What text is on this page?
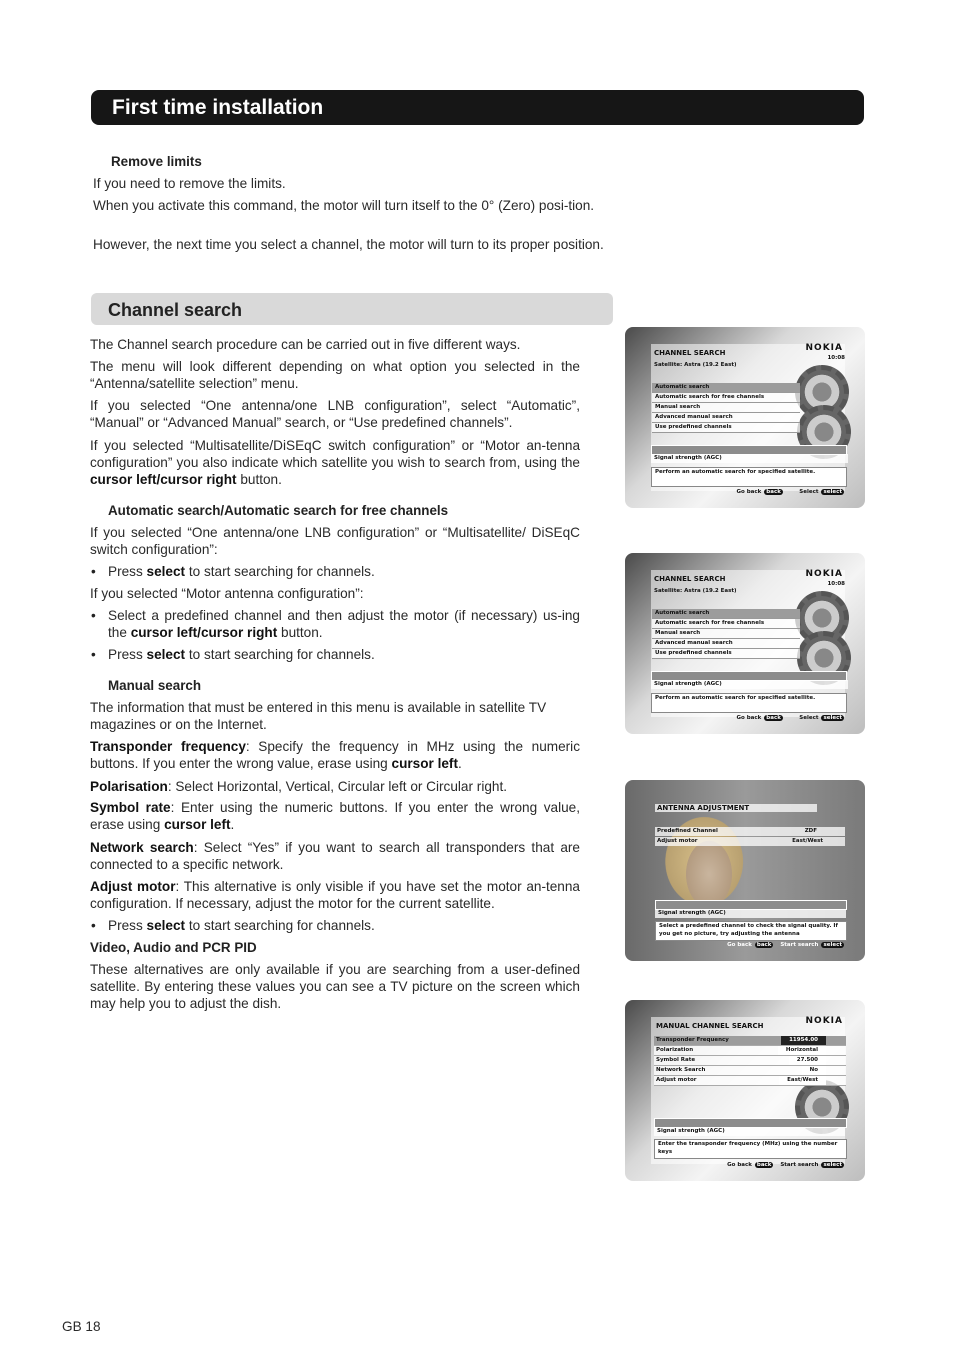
First time installation
Remove limits

If you need to remove the limits.

When you activate this command, the motor will turn itself to the 0° (Zero) posi-tion.

However, the next time you select a channel, the motor will turn to its proper position.

Channel search

The Channel search procedure can be carried out in five different ways.

The menu will look different depending on what option you selected in the “Antenna/satellite selection” menu.

If you selected “One antenna/one LNB configuration”, select “Automatic”, “Manual” or “Advanced Manual” search, or “Use predefined channels”.

If you selected “Multisatellite/DiSEqC switch configuration” or “Motor an-tenna configuration” you also indicate which satellite you wish to search from, using the cursor left/cursor right button.

Automatic search/Automatic search for free channels

If you selected “One antenna/one LNB configuration” or “Multisatellite/ DiSEqC switch configuration”:

• Press select to start searching for channels.

If you selected “Motor antenna configuration”:

• Select a predefined channel and then adjust the motor (if necessary) us-ing the cursor left/cursor right button.

• Press select to start searching for channels.

Manual search

The information that must be entered in this menu is available in satellite TV magazines or on the Internet.

Transponder frequency: Specify the frequency in MHz using the numeric buttons. If you enter the wrong value, erase using cursor left.

Polarisation: Select Horizontal, Vertical, Circular left or Circular right.

Symbol rate: Enter using the numeric buttons. If you enter the wrong value, erase using cursor left.

Network search: Select “Yes” if you want to search all transponders that are connected to a specific network.

Adjust motor: This alternative is only visible if you have set the motor an-tenna configuration. If necessary, adjust the motor for the current satellite.

• Press select to start searching for channels.

Video, Audio and PCR PID

These alternatives are only available if you are searching from a user-defined satellite. By entering these values you can see a TV picture on the screen which may help you to adjust the dish.

CHANNEL SEARCH	NOKIA
10:08
Satellite: Astra (19.2 East)
Automatic search
Automatic search for free channels
Manual search
Advanced manual search
Use predefined channels
Signal strength (AGC)
Perform an automatic search for specified satellite.
Go back back	Select select
CHANNEL SEARCH	NOKIA
10:08
Satellite: Astra (19.2 East)
Automatic search
Automatic search for free channels
Manual search
Advanced manual search
Use predefined channels
Signal strength (AGC)
Perform an automatic search for specified satellite.
Go back back	Select select
ANTENNA ADJUSTMENT
Predefined Channel	ZDF
Adjust motor	East/West
Signal strength (AGC)
Select a predefined channel to check the signal quality. If you get no picture, try adjusting the antenna
Go back back Start search select
MANUAL CHANNEL SEARCH	NOKIA
Transponder Frequency	11954.00
Polarization	Horizontal
Symbol Rate	27.500
Network Search	No
Adjust motor	East/West
Signal strength (AGC)
Enter the transponder frequency (MHz) using the number keys
Go back back Start search select
GB 18
